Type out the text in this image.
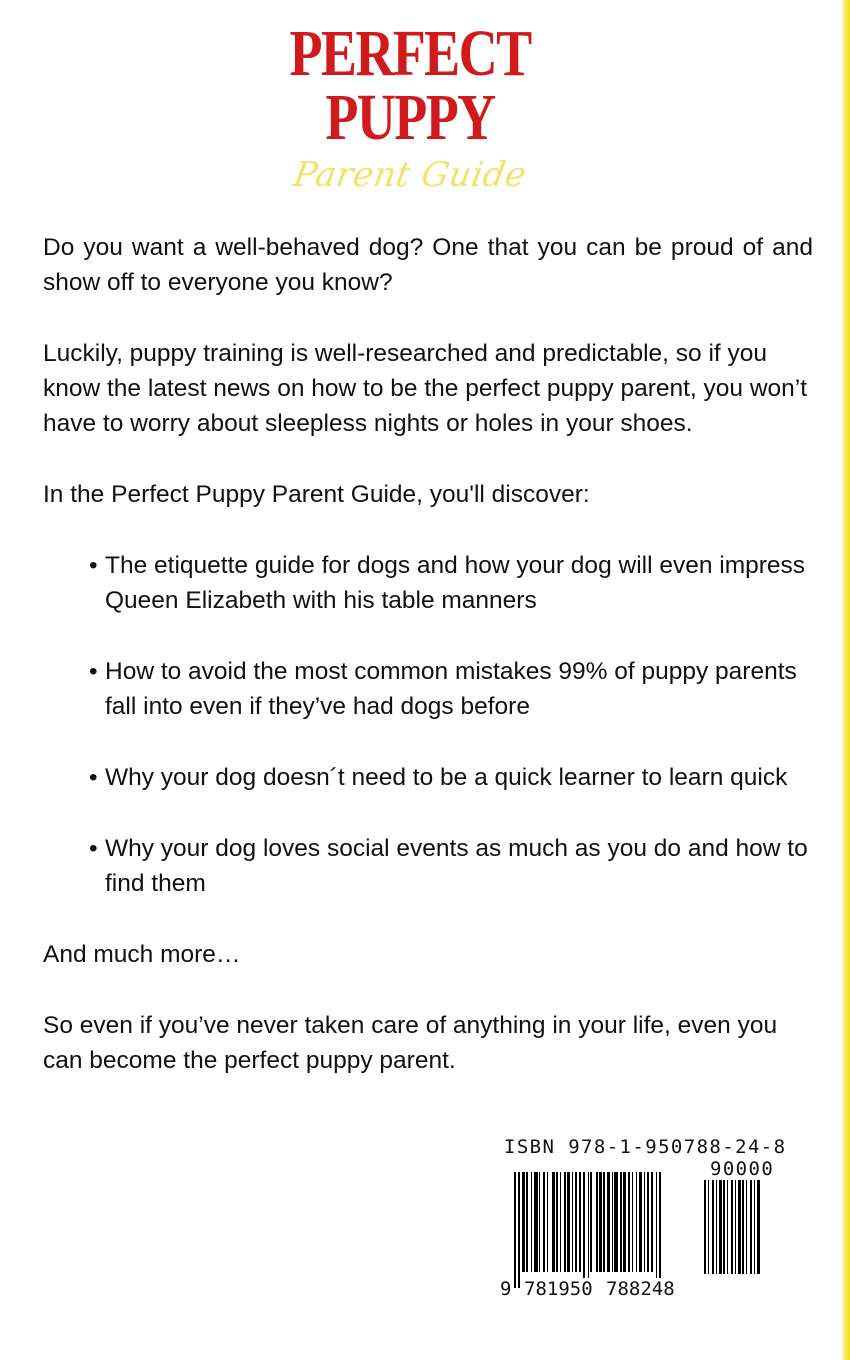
PERFECT
PUPPY
Parent Guide

Do you want a well-behaved dog? One that you can be proud of and show off to everyone you know?

Luckily, puppy training is well-researched and predictable, so if you know the latest news on how to be the perfect puppy parent, you won’t have to worry about sleepless nights or holes in your shoes.

In the Perfect Puppy Parent Guide, you'll discover:

• The etiquette guide for dogs and how your dog will even impress Queen Elizabeth with his table manners
• How to avoid the most common mistakes 99% of puppy parents fall into even if they’ve had dogs before
• Why your dog doesn´t need to be a quick learner to learn quick
• Why your dog loves social events as much as you do and how to find them

And much more…

So even if you’ve never taken care of anything in your life, even you can become the perfect puppy parent.

ISBN 978-1-950788-24-8
90000
9 781950 788248
